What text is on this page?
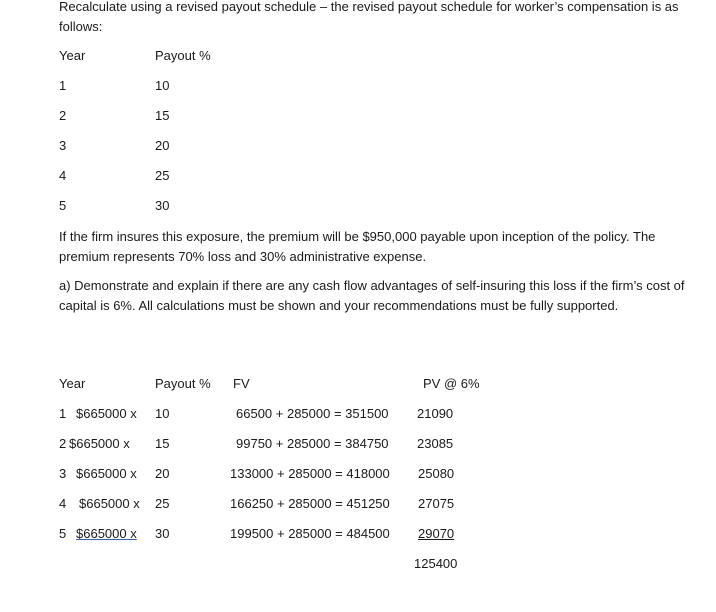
Recalculate using a revised payout schedule – the revised payout schedule for worker’s compensation is as follows:

Year	Payout %
1	10
2	15
3	20
4	25
5	30

If the firm insures this exposure, the premium will be $950,000 payable upon inception of the policy. The premium represents 70% loss and 30% administrative expense.

a) Demonstrate and explain if there are any cash flow advantages of self-insuring this loss if the firm’s cost of capital is 6%. All calculations must be shown and your recommendations must be fully supported.

Year	Payout % FV	PV @ 6%
1 $665000 x 10	66500 + 285000 = 351500 21090
2 $665000 x 15	99750 + 285000 = 384750 23085
3 $665000 x 20	133000 + 285000 = 418000 25080
4 $665000 x 25	166250 + 285000 = 451250 27075
5 $665000 x 30	199500 + 285000 = 484500 29070
125400
